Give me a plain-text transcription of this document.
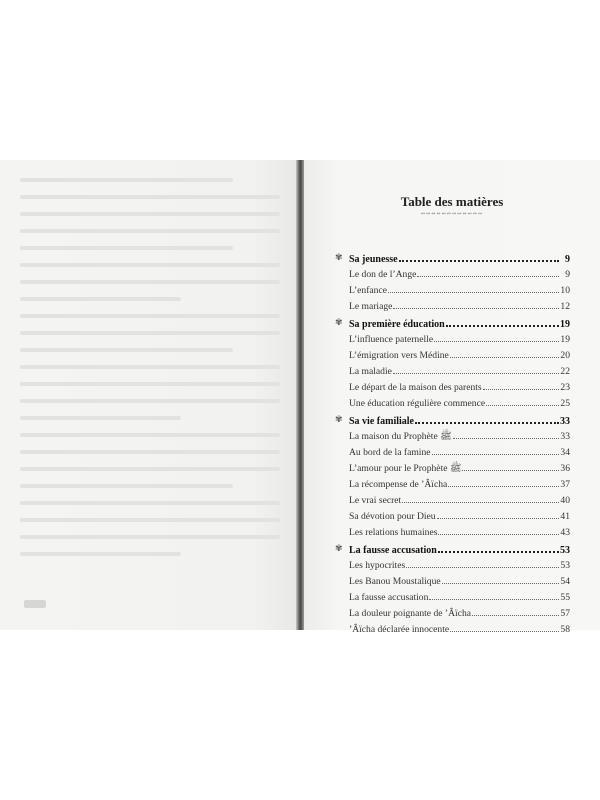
Table des matières
∾∾∾∾∾∾∾∾∾∾∾∾
✾ Sa jeunesse	9
Le don de l’Ange	9
L’enfance	10
Le mariage	12
✾ Sa première éducation	19
L’influence paternelle	19
L’émigration vers Médine	20
La maladie	22
Le départ de la maison des parents	23
Une éducation régulière commence	25
✾ Sa vie familiale	33
La maison du Prophète ﷺ	33
Au bord de la famine	34
L’amour pour le Prophète ﷺ	36
La récompense de ’Âïcha	37
Le vrai secret	40
Sa dévotion pour Dieu	41
Les relations humaines	43
✾ La fausse accusation	53
Les hypocrites	53
Les Banou Moustalique	54
La fausse accusation	55
La douleur poignante de ’Âïcha	57
’Âïcha déclarée innocente	58
